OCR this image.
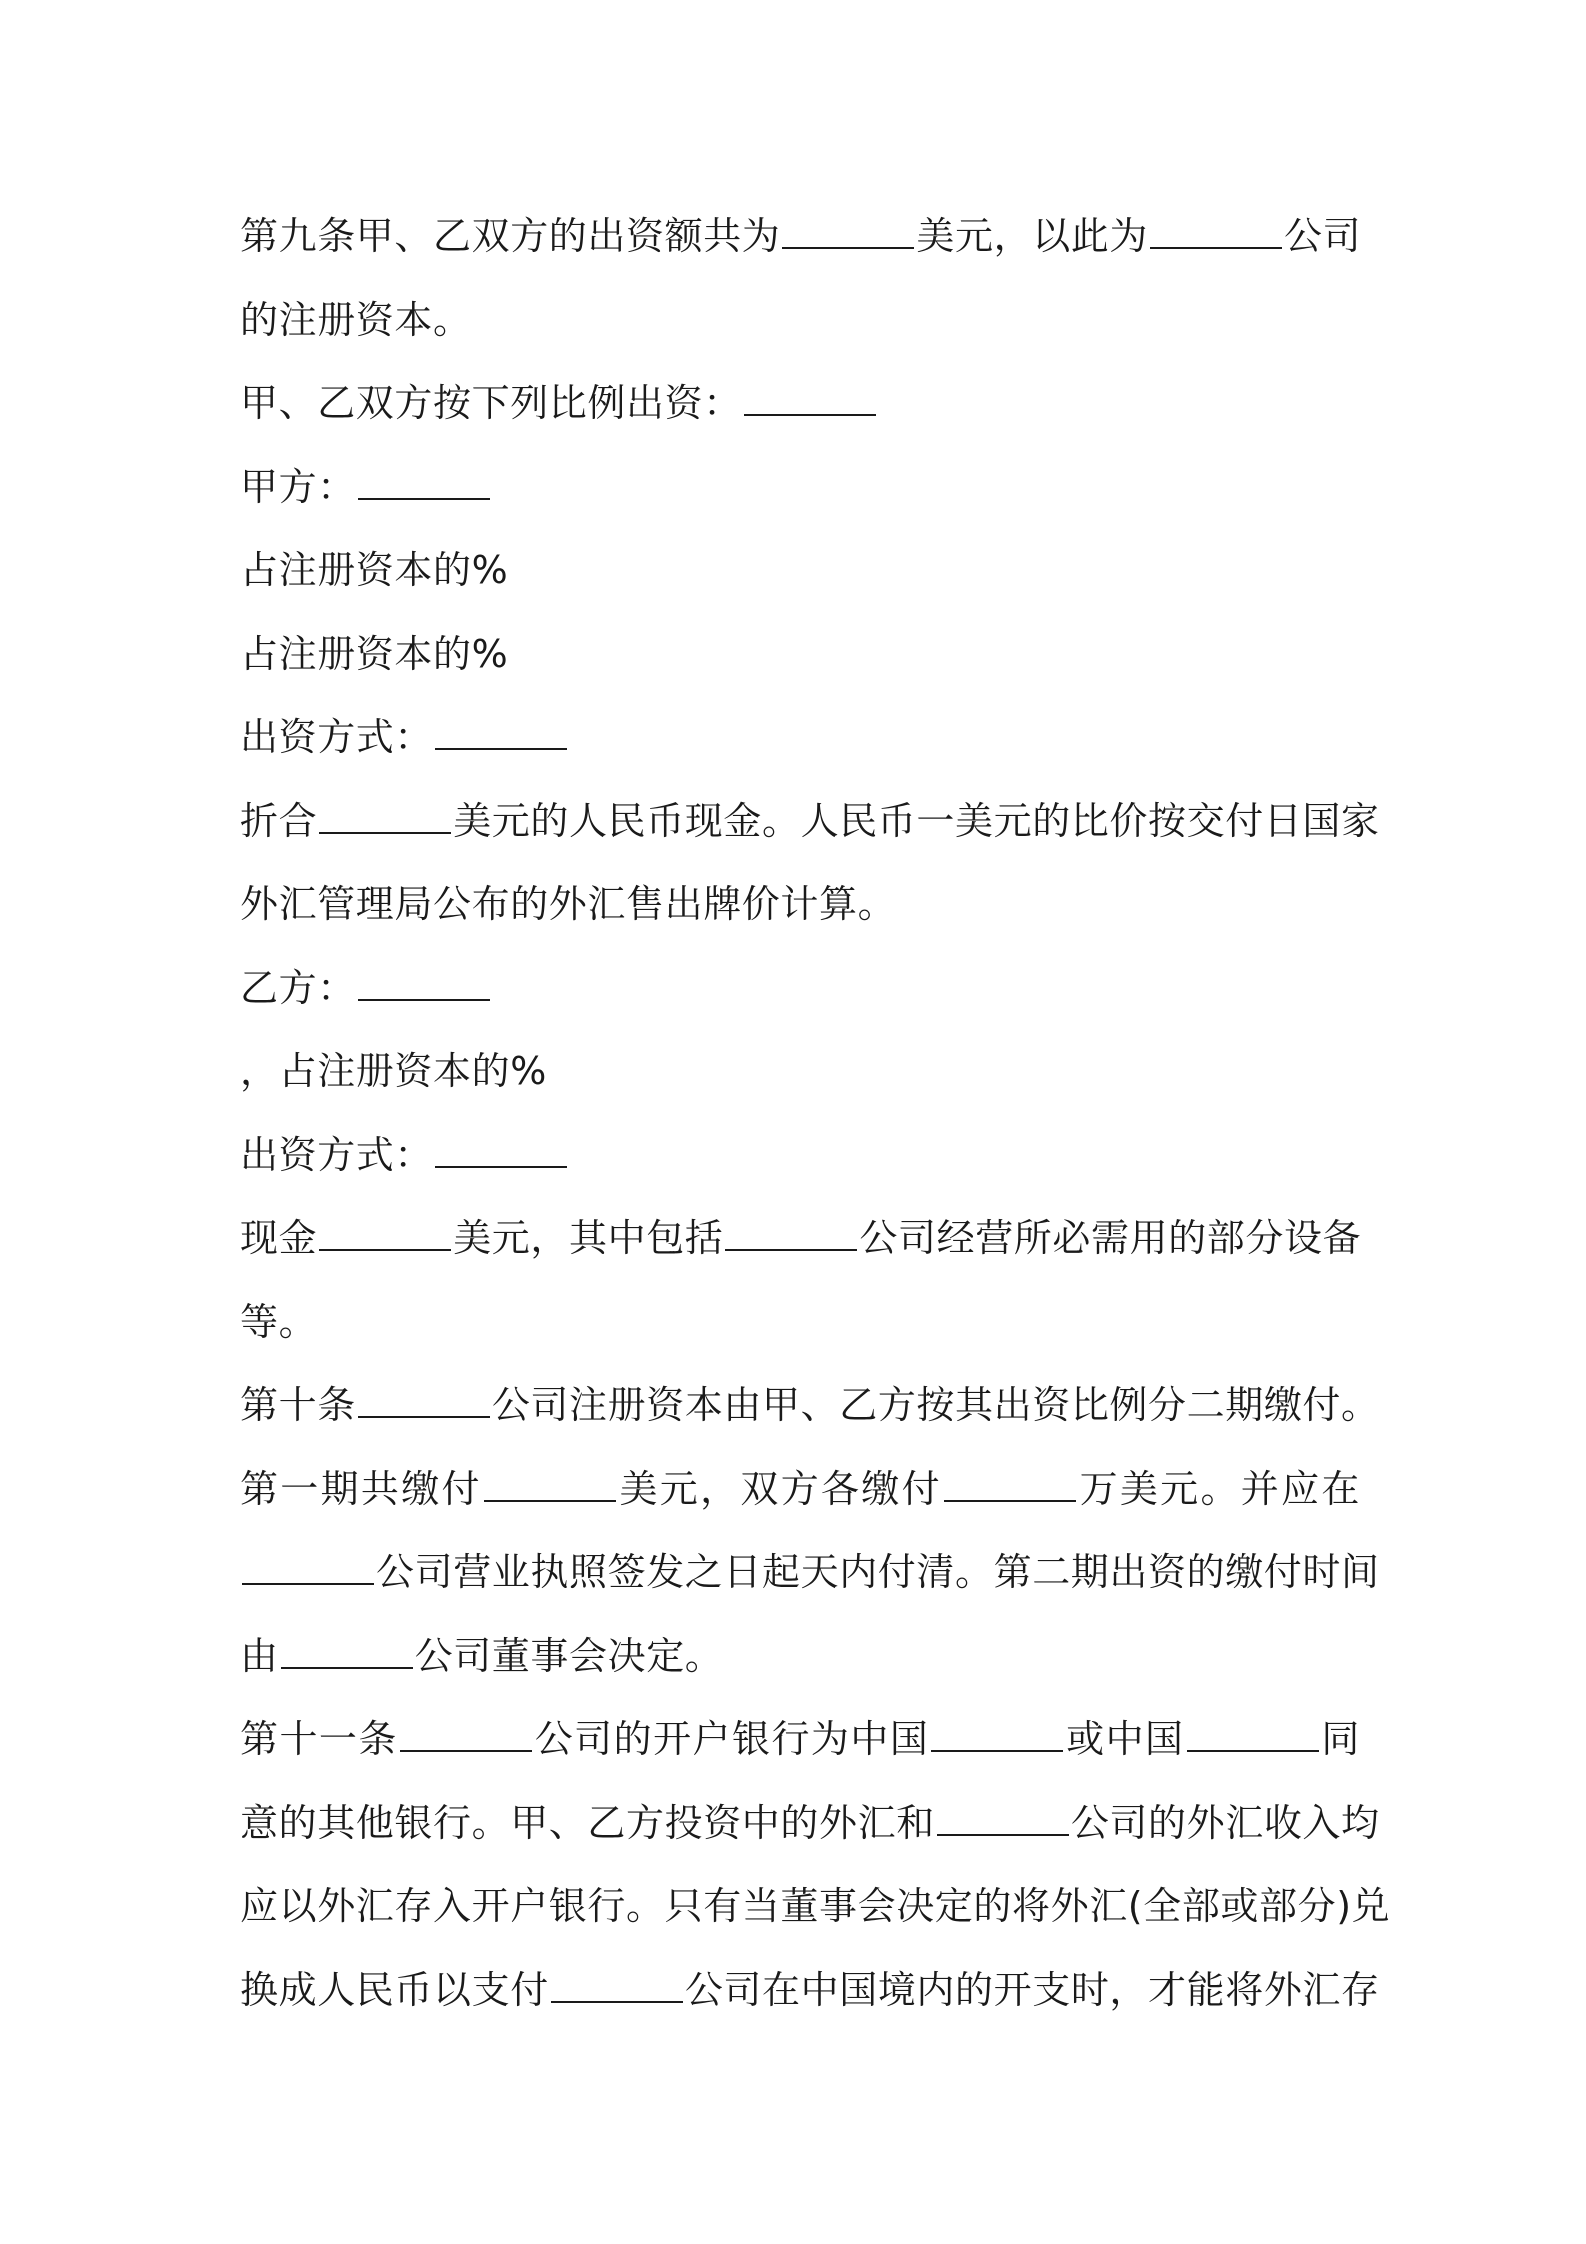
第九条甲、乙双方的出资额共为	美元，以此为	公司
的注册资本。
甲、乙双方按下列比例出资：
甲方：
占注册资本的%
占注册资本的%
出资方式：
折合	美元的人民币现金。人民币一美元的比价按交付日国家
外汇管理局公布的外汇售出牌价计算。
乙方：
，占注册资本的%
出资方式：
现金	美元，其中包括	公司经营所必需用的部分设备
等。
第十条	公司注册资本由甲、乙方按其出资比例分二期缴付。
第一期共缴付	美元，双方各缴付	万美元。并应在
公司营业执照签发之日起天内付清。第二期出资的缴付时间
由	公司董事会决定。
第十一条	公司的开户银行为中国	或中国	同
意的其他银行。甲、乙方投资中的外汇和	公司的外汇收入均
应以外汇存入开户银行。只有当董事会决定的将外汇(全部或部分)兑
换成人民币以支付	公司在中国境内的开支时，才能将外汇存
